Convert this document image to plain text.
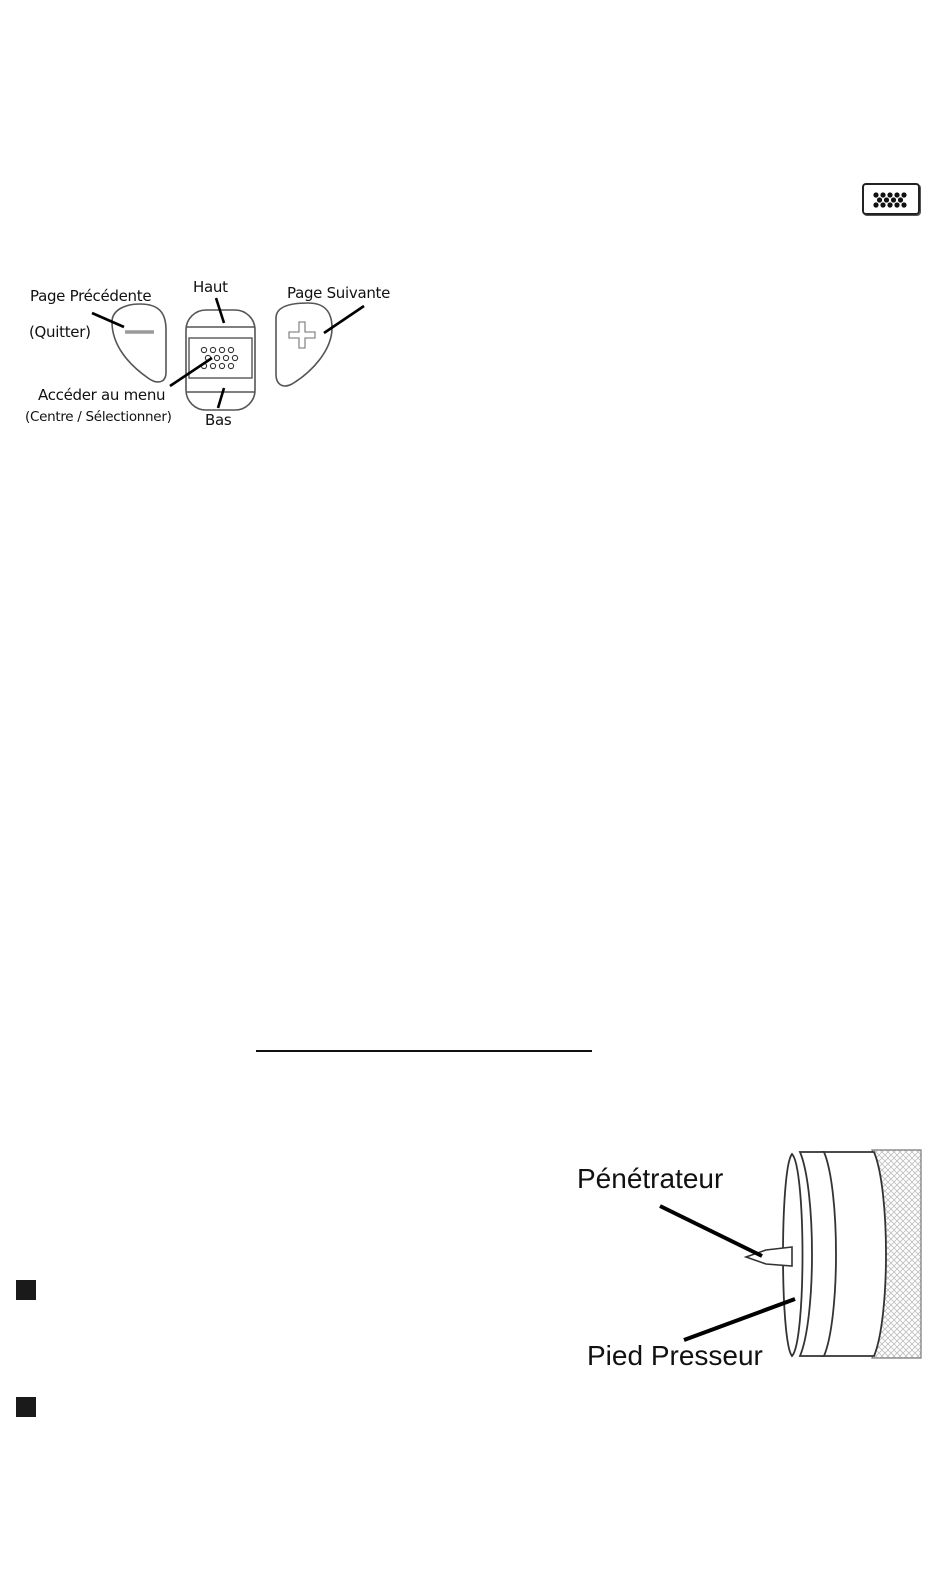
Page Précédente
(Quitter)
Haut	Page Suivante
Accéder au menu
(Centre / Sélectionner) Bas
Pénétrateur
Pied Presseur
